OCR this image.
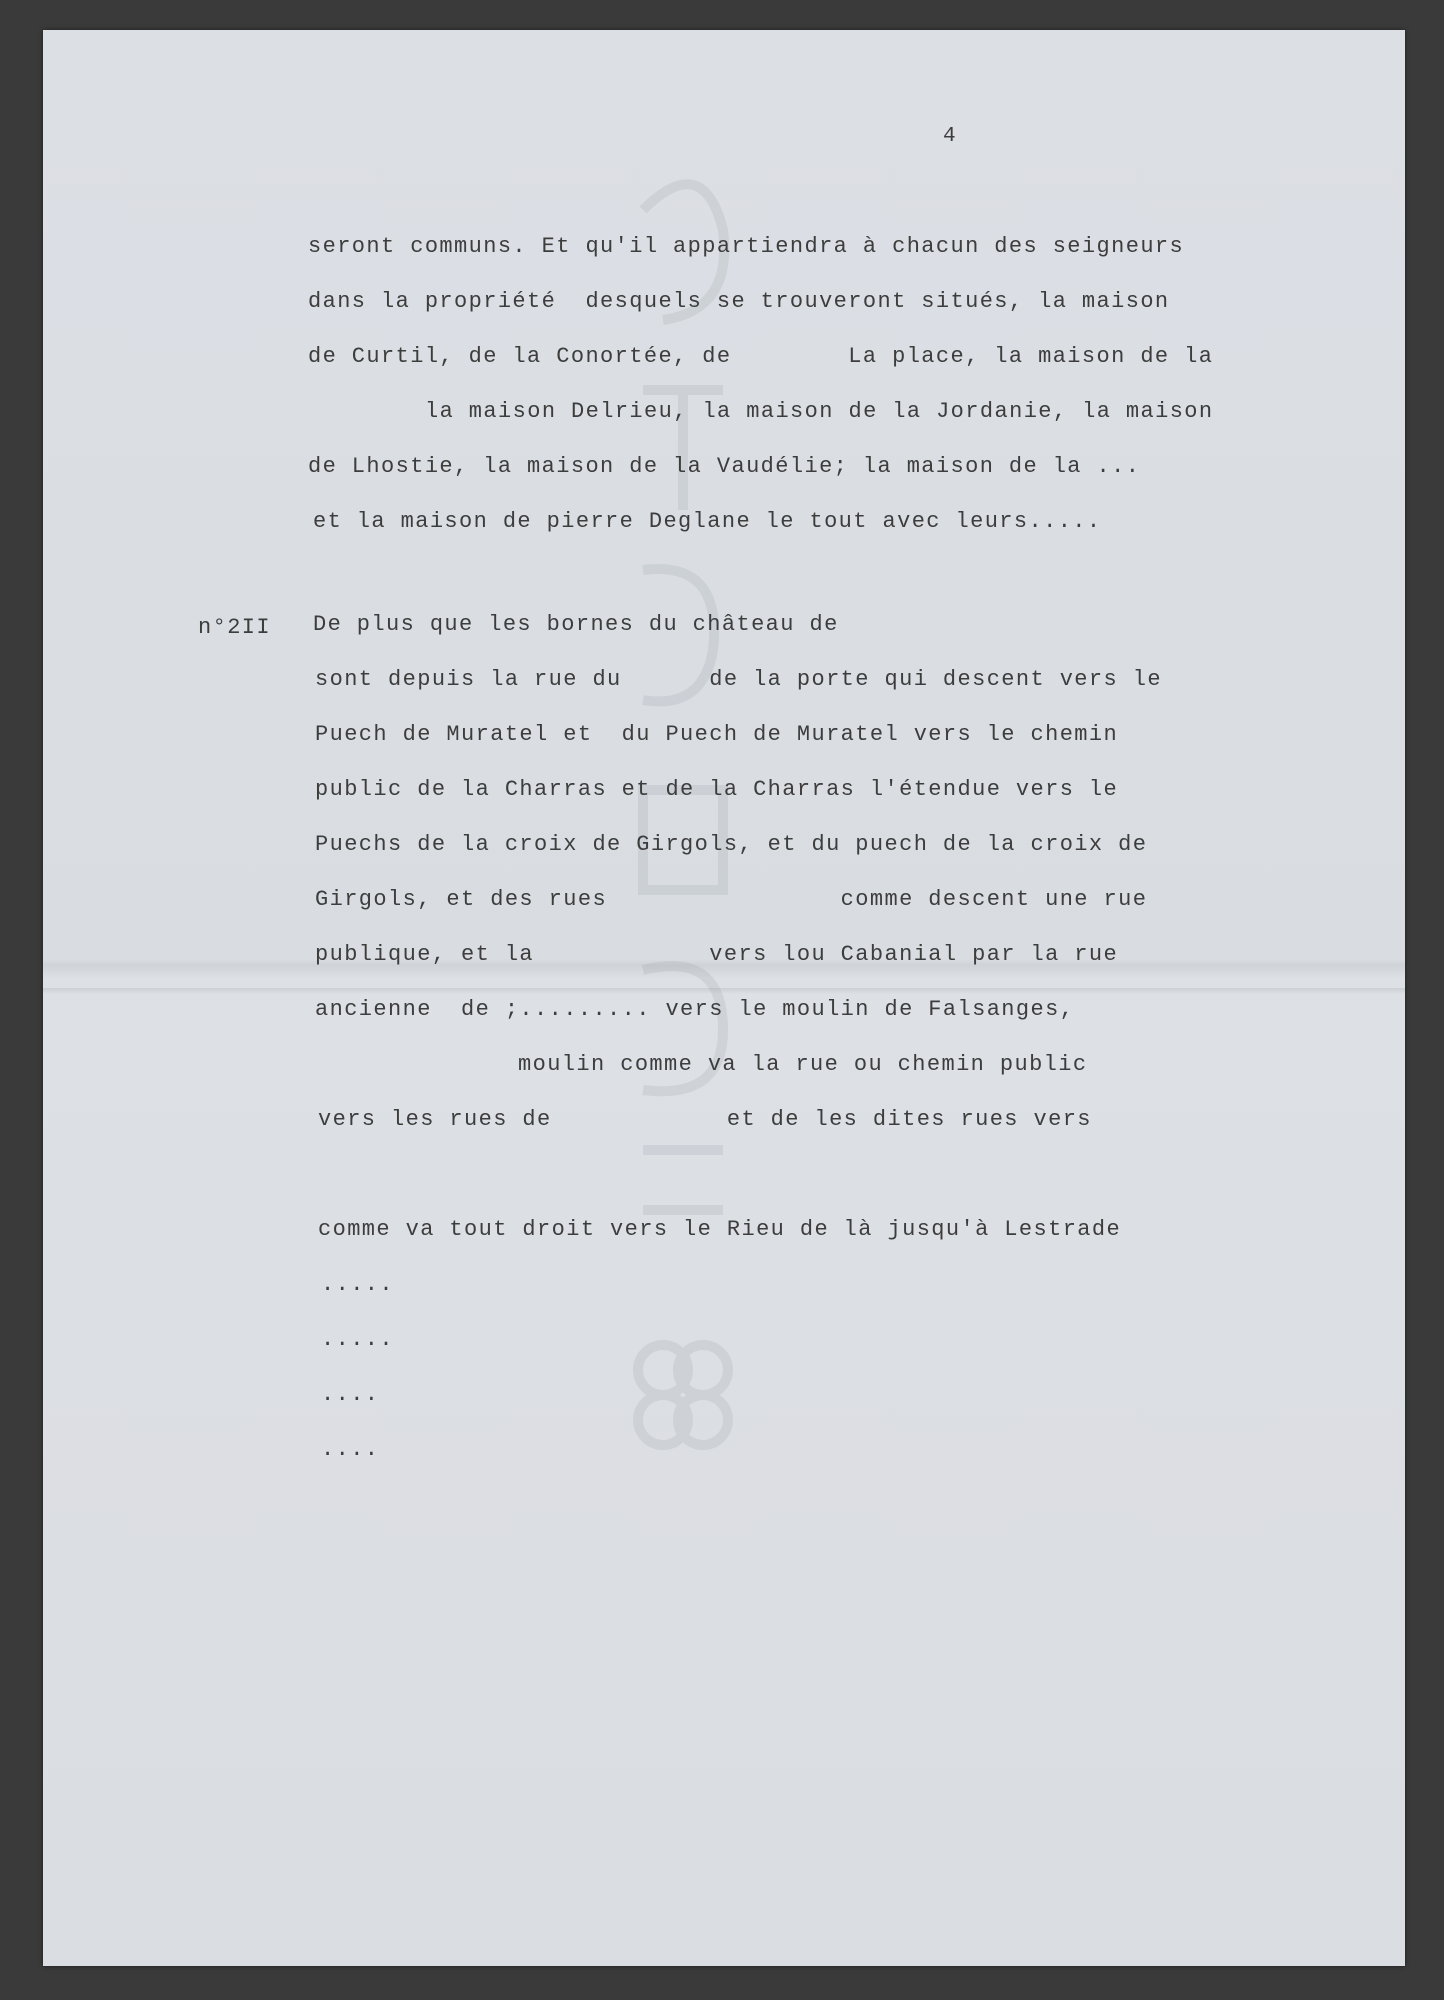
4
seront communs. Et qu'il appartiendra à chacun des seigneurs
dans la propriété  desquels se trouveront situés, la maison
de Curtil, de la Conortée, de        La place, la maison de la
la maison Delrieu, la maison de la Jordanie, la maison
de Lhostie, la maison de la Vaudélie; la maison de la ...
et la maison de pierre Deglane le tout avec leurs.....
n°2II De plus que les bornes du château de
sont depuis la rue du      de la porte qui descent vers le
Puech de Muratel et  du Puech de Muratel vers le chemin
public de la Charras et de la Charras l'étendue vers le
Puechs de la croix de Girgols, et du puech de la croix de
Girgols, et des rues                comme descent une rue
publique, et la            vers lou Cabanial par la rue
ancienne  de ;......... vers le moulin de Falsanges,
moulin comme va la rue ou chemin public
vers les rues de            et de les dites rues vers
comme va tout droit vers le Rieu de là jusqu'à Lestrade
.....
.....
....
....
